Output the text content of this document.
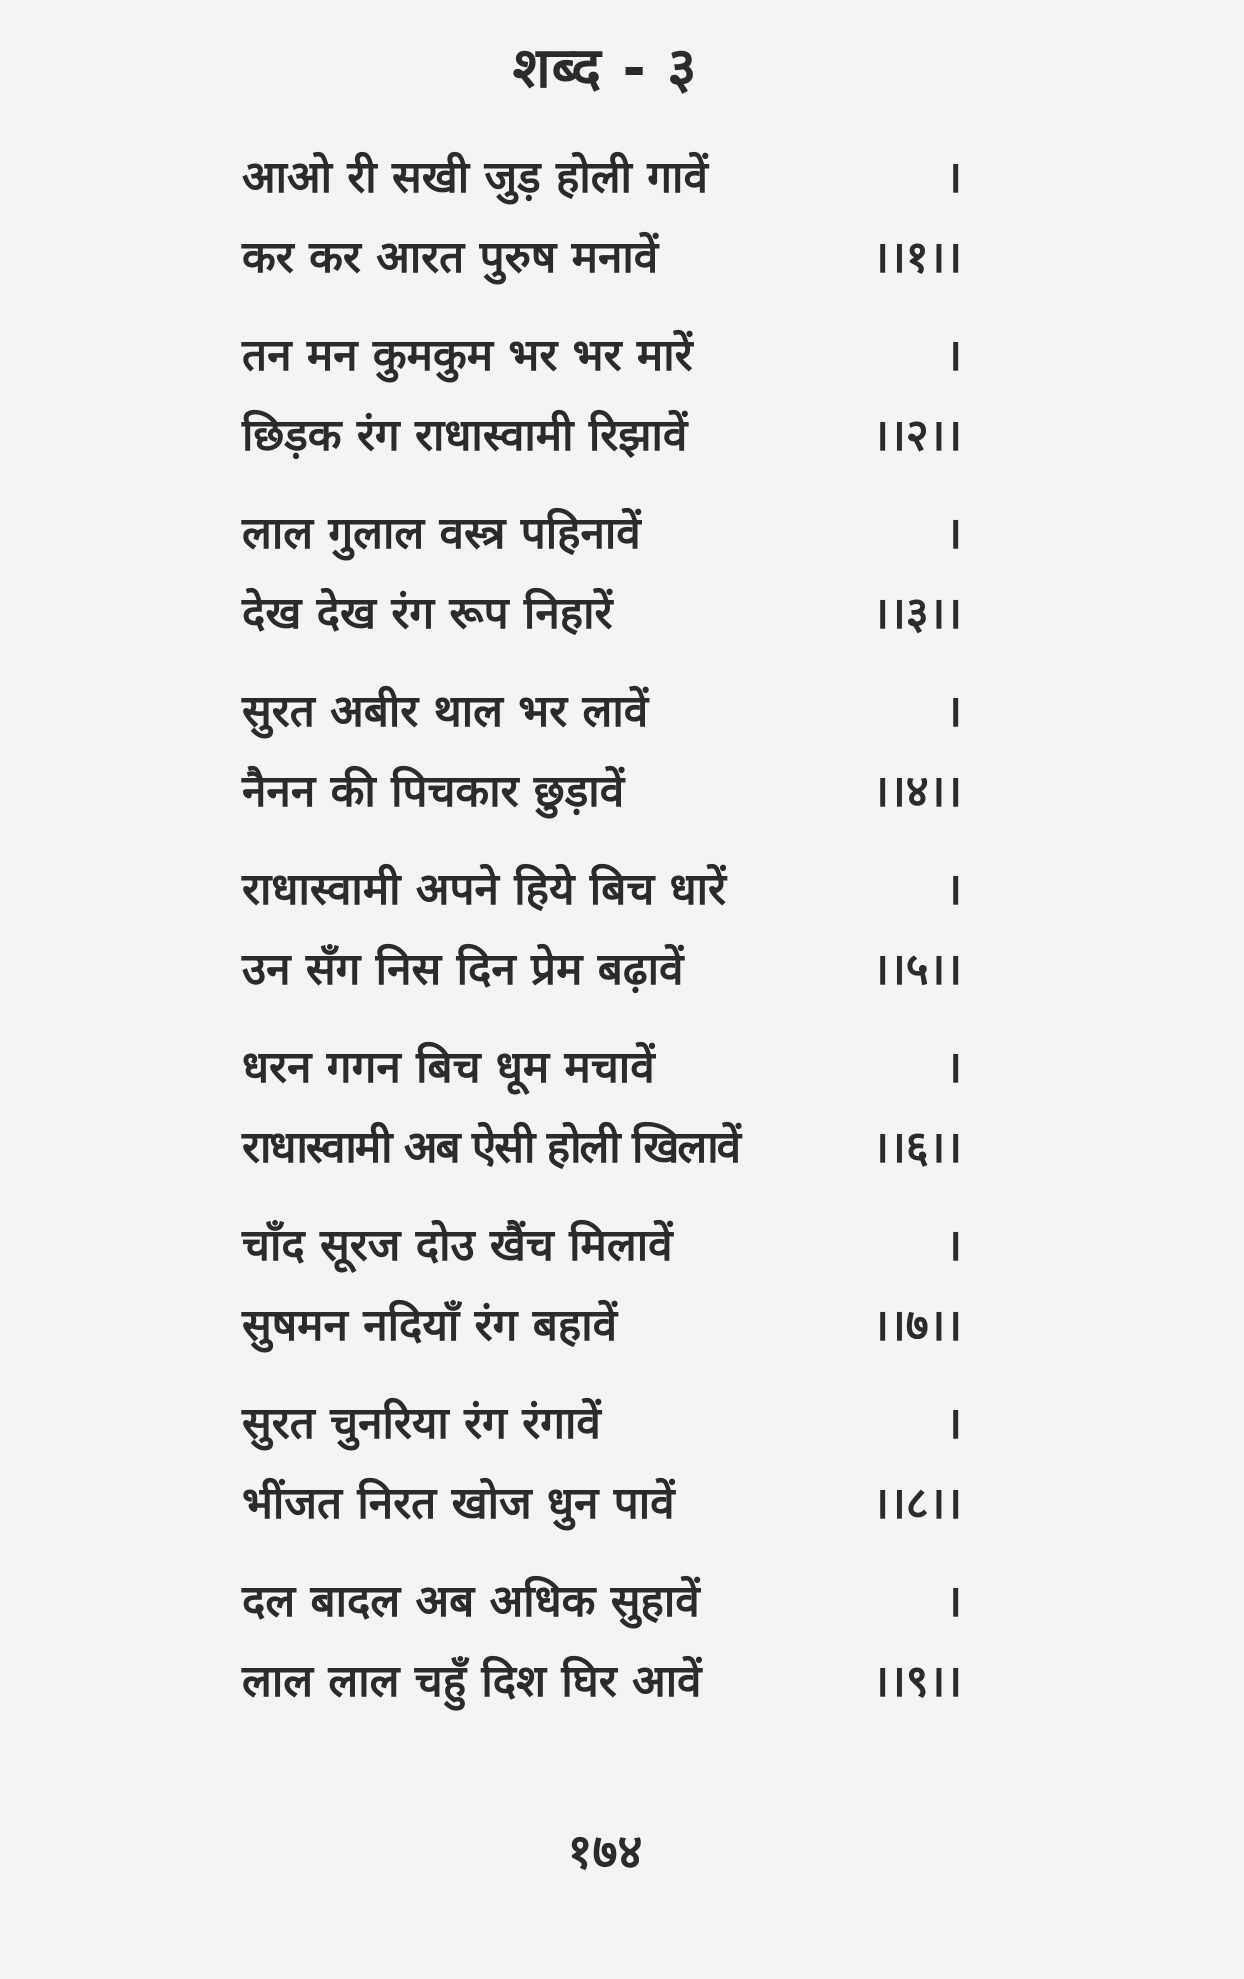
शब्द - ३
आओ री सखी जुड़ होली गावें	।
कर कर आरत पुरुष मनावें	।।१।।
तन मन कुमकुम भर भर मारें	।
छिड़क रंग राधास्वामी रिझावें	।।२।।
लाल गुलाल वस्त्र पहिनावें	।
देख देख रंग रूप निहारें	।।३।।
सुरत अबीर थाल भर लावें	।
नैनन की पिचकार छुड़ावें	।।४।।
राधास्वामी अपने हिये बिच धारें	।
उन सँग निस दिन प्रेम बढ़ावें	।।५।।
धरन गगन बिच धूम मचावें	।
राधास्वामी अब ऐसी होली खिलावें	।।६।।
चाँद सूरज दोउ खैंच मिलावें	।
सुषमन नदियाँ रंग बहावें	।।७।।
सुरत चुनरिया रंग रंगावें	।
भींजत निरत खोज धुन पावें	।।८।।
दल बादल अब अधिक सुहावें	।
लाल लाल चहुँ दिश घिर आवें	।।९।।
१७४
